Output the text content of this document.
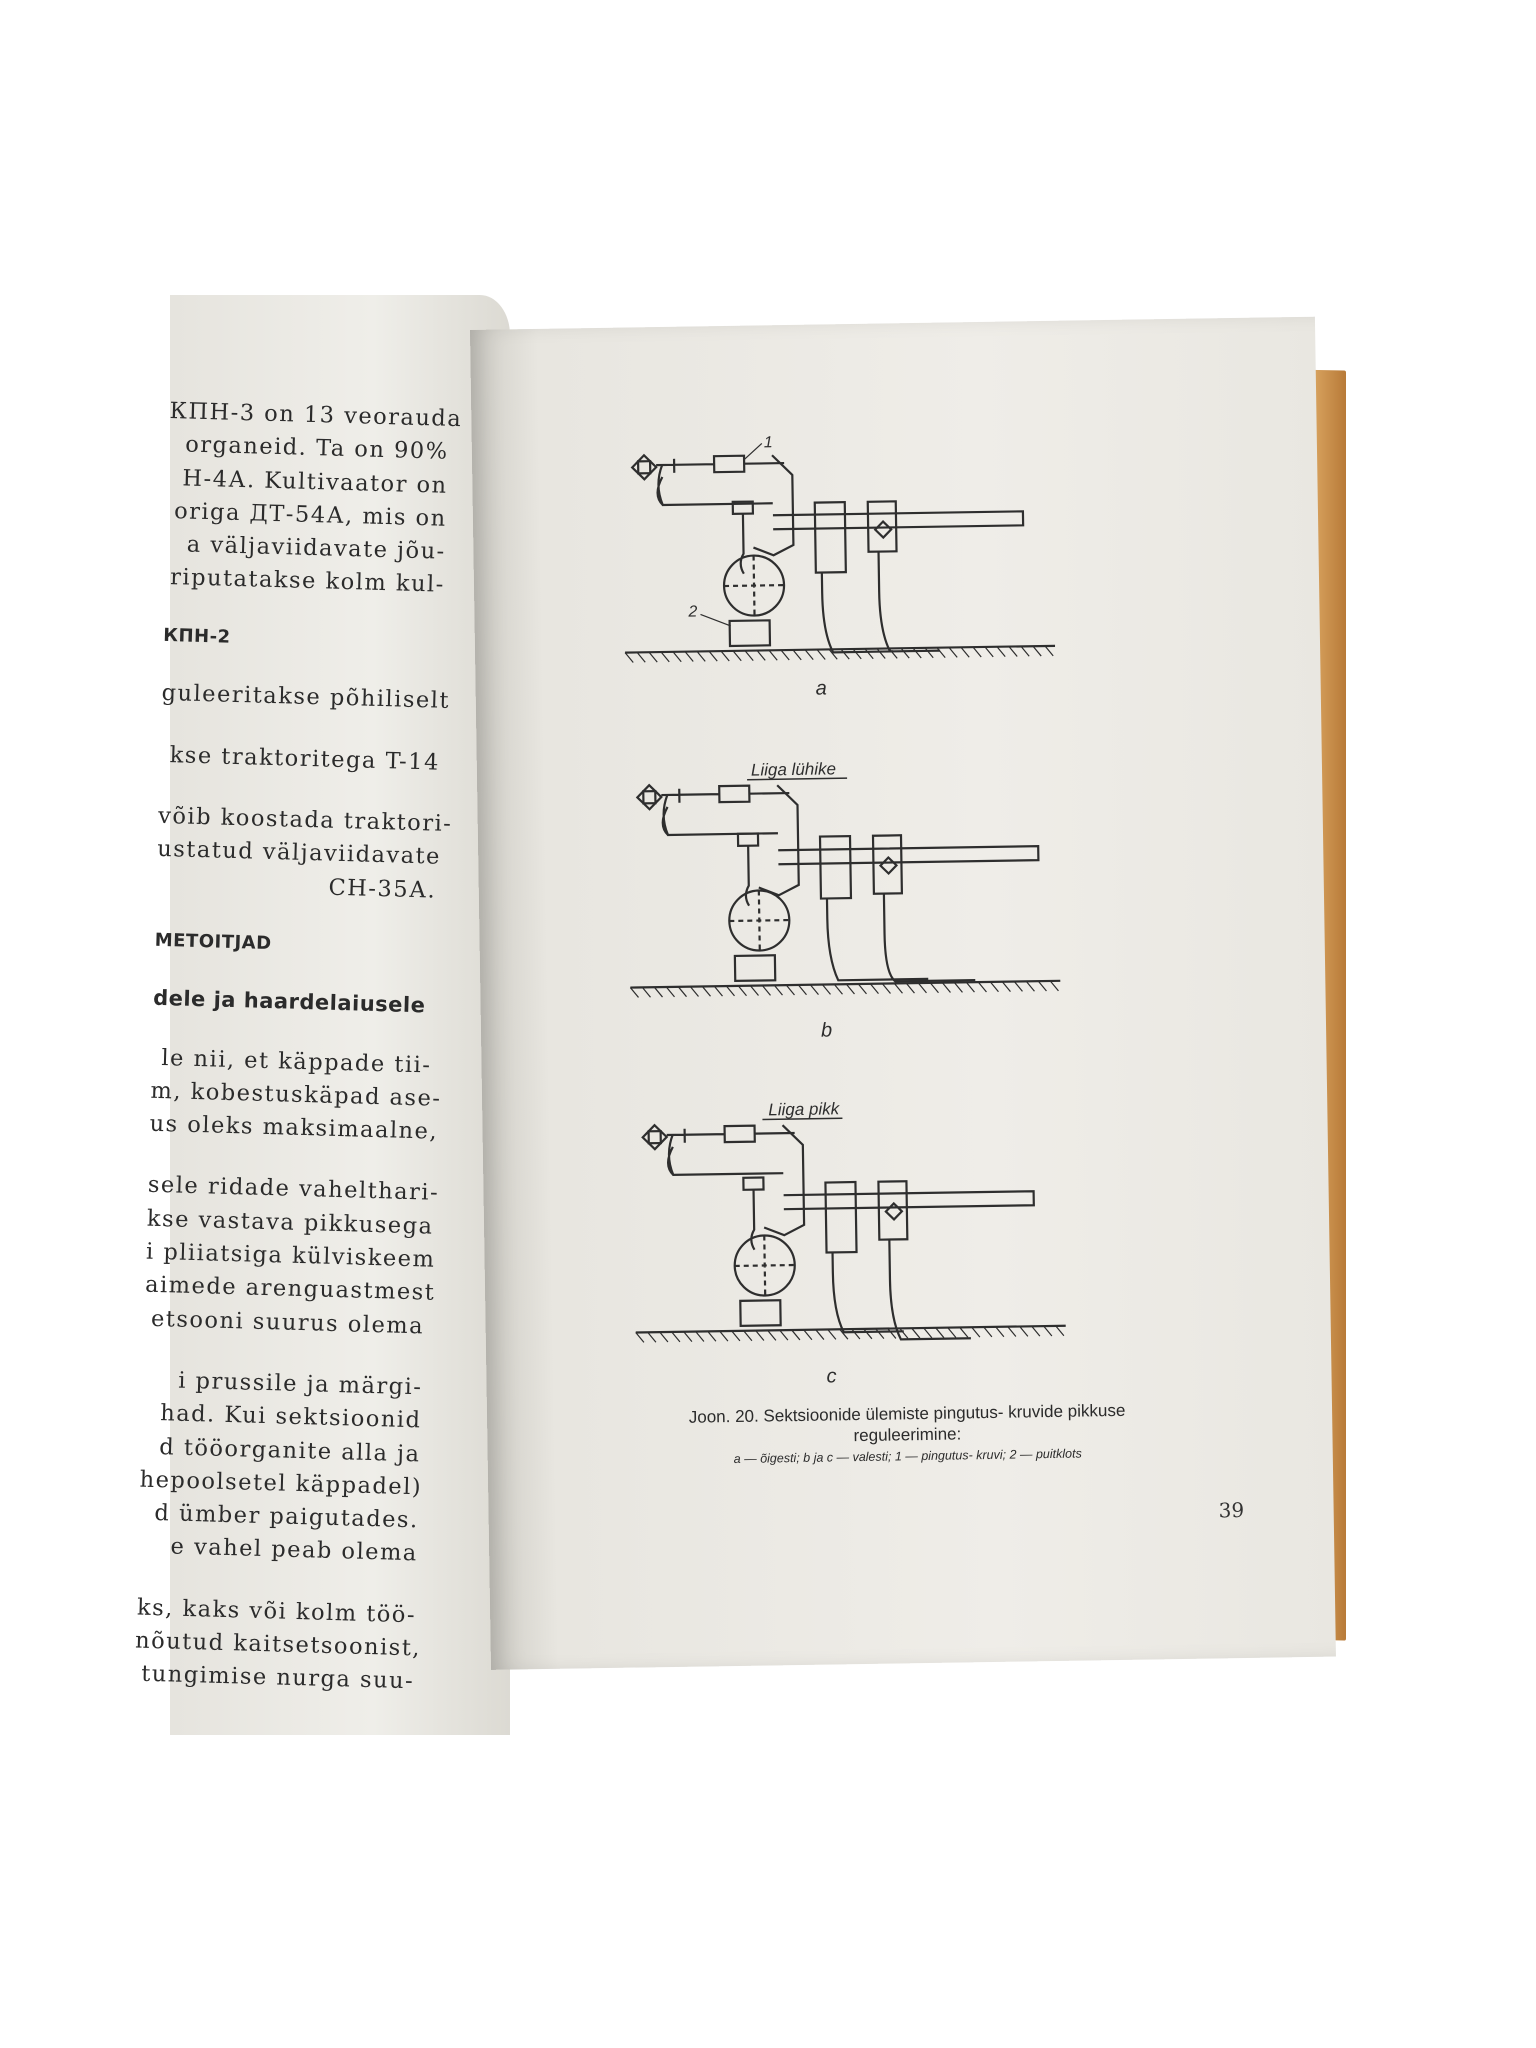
КПН-3 on 13 veorauda
organeid. Ta on 90%
Н-4А. Kultivaator on
origa ДТ-54А, mis on
a väljaviidavate jõu-
riputatakse kolm kul-
КПН-2
guleeritakse põhiliselt
kse traktoritega T-14
võib koostada traktori-
ustatud väljaviidavate
СН-35А.
METOITJAD
dele ja haardelaiusele
le nii, et käppade tii-
m, kobestuskäpad ase-
us oleks maksimaalne,
sele ridade vahelthari-
kse vastava pikkusega
i pliiatsiga külviskeem
aimede arenguastmest
etsooni suurus olema
i prussile ja märgi-
had. Kui sektsioonid
d tööorganite alla ja
hepoolsetel käppadel)
d ümber paigutades.
e vahel peab olema
ks, kaks või kolm töö-
nõutud kaitsetsoonist,
tungimise nurga suu-
1
2
a
Liiga lühike
b
Liiga pikk
c
Joon. 20. Sektsioonide ülemiste pingutus- kruvide pikkuse reguleerimine:
a — õigesti; b ja c — valesti; 1 — pingutus- kruvi; 2 — puitklots
39
